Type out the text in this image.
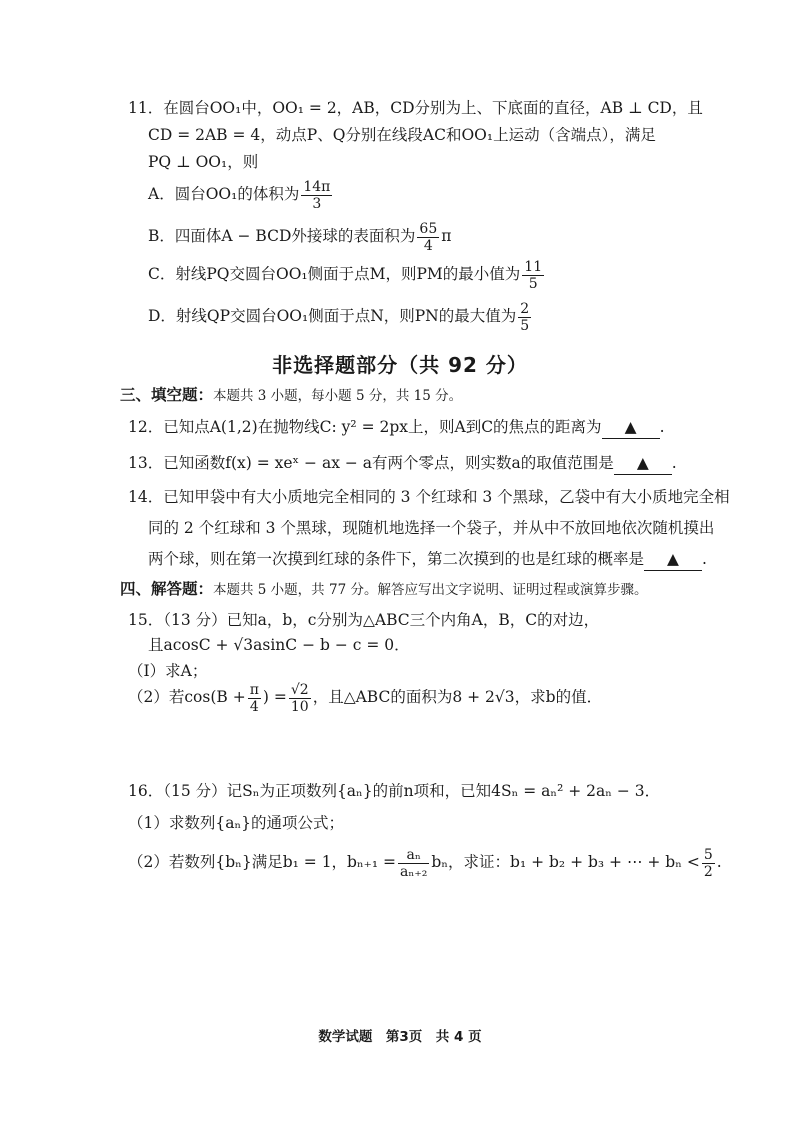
11．在圆台OO₁中，OO₁ = 2，AB，CD分别为上、下底面的直径，AB ⊥ CD，且
CD = 2AB = 4，动点P、Q分别在线段AC和OO₁上运动（含端点），满足
PQ ⊥ OO₁，则
A．圆台OO₁的体积为 $\frac{14\pi}{3}$
B．四面体A − BCD外接球的表面积为 $\frac{65}{4}$ π
C．射线PQ交圆台OO₁侧面于点M，则PM的最小值为 $\frac{11}{5}$
D．射线QP交圆台OO₁侧面于点N，则PN的最大值为 $\frac{2}{5}$
非选择题部分（共 92 分）
三、填空题：本题共 3 小题，每小题 5 分，共 15 分。
12．已知点A(1,2)在抛物线C: y² = 2px上，则A到C的焦点的距离为 ▲ .
13．已知函数f(x) = xeˣ − ax − a有两个零点，则实数a的取值范围是 ▲ .
14．已知甲袋中有大小质地完全相同的 3 个红球和 3 个黑球，乙袋中有大小质地完全相
同的 2 个红球和 3 个黑球，现随机地选择一个袋子，并从中不放回地依次随机摸出
两个球，则在第一次摸到红球的条件下，第二次摸到的也是红球的概率是 ▲ .
四、解答题：本题共 5 小题，共 77 分。解答应写出文字说明、证明过程或演算步骤。
15．（13 分）已知a，b，c分别为△ABC三个内角A，B，C的对边，
且acosC + √3asinC − b − c = 0．
（I）求A；
（2）若$\cos(B + \frac{\pi}{4}$ ) = $\frac{√2}{10}$ ，且△ABC的面积为8 + 2√3，求b的值．
16．（15 分）记Sₙ为正项数列{aₙ}的前n项和，已知4Sₙ = aₙ² + 2aₙ − 3．
（1）求数列{aₙ}的通项公式；
（2）若数列{bₙ}满足b₁ = 1，$b_{n+1} = \frac{\text{aₙ}}{\text{aₙ₊₂}}$ bₙ，求证：b₁ + b₂ + b₃ + ⋯ + $b_n < \frac{5}{2}$ .
数学试题　第3页　共 4 页
